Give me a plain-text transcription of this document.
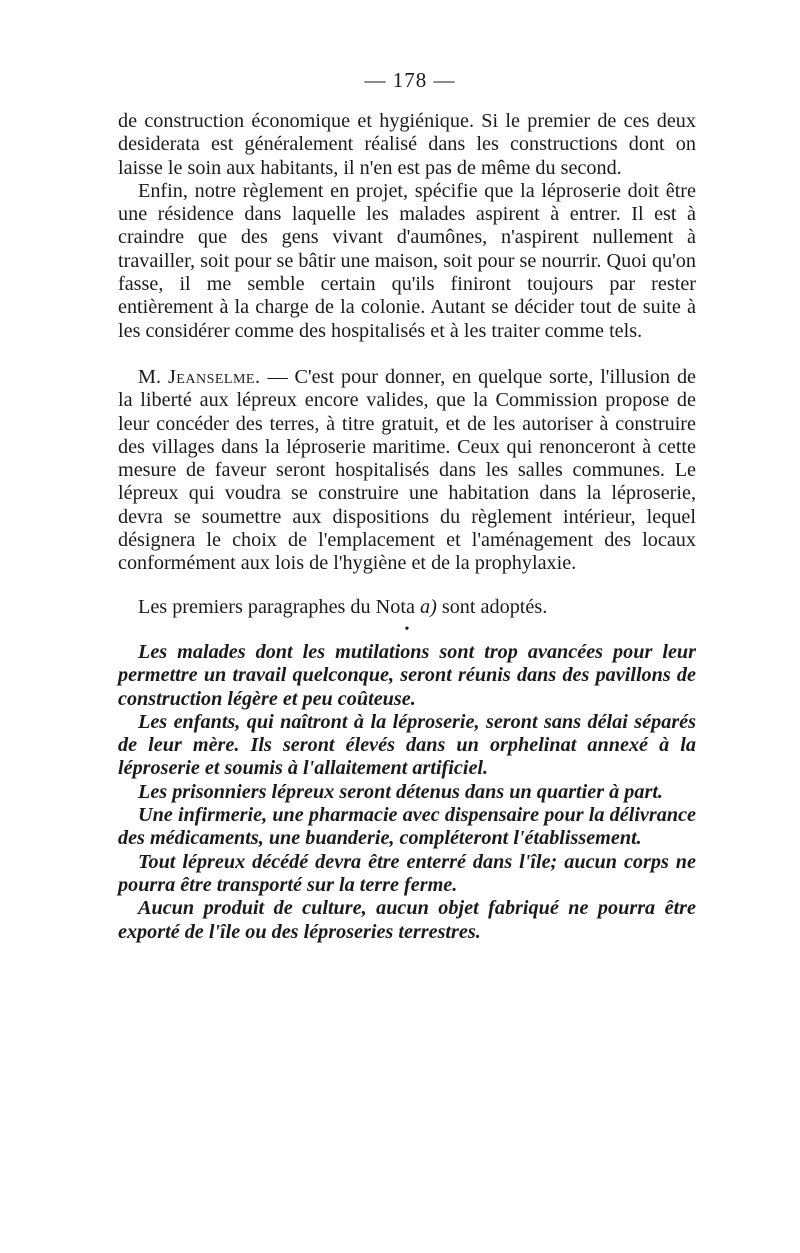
— 178 —

de construction économique et hygiénique. Si le premier de ces deux desiderata est généralement réalisé dans les constructions dont on laisse le soin aux habitants, il n'en est pas de même du second.

Enfin, notre règlement en projet, spécifie que la léproserie doit être une résidence dans laquelle les malades aspirent à entrer. Il est à craindre que des gens vivant d'aumônes, n'aspirent nullement à travailler, soit pour se bâtir une maison, soit pour se nourrir. Quoi qu'on fasse, il me semble certain qu'ils finiront toujours par rester entièrement à la charge de la colonie. Autant se décider tout de suite à les considérer comme des hospitalisés et à les traiter comme tels.

M. Jeanselme. — C'est pour donner, en quelque sorte, l'illusion de la liberté aux lépreux encore valides, que la Commission propose de leur concéder des terres, à titre gratuit, et de les autoriser à construire des villages dans la léproserie maritime. Ceux qui renonceront à cette mesure de faveur seront hospitalisés dans les salles communes. Le lépreux qui voudra se construire une habitation dans la léproserie, devra se soumettre aux dispositions du règlement intérieur, lequel désignera le choix de l'emplacement et l'aménagement des locaux conformément aux lois de l'hygiène et de la prophylaxie.

Les premiers paragraphes du Nota a) sont adoptés.

•

Les malades dont les mutilations sont trop avancées pour leur permettre un travail quelconque, seront réunis dans des pavillons de construction légère et peu coûteuse.

Les enfants, qui naîtront à la léproserie, seront sans délai séparés de leur mère. Ils seront élevés dans un orphelinat annexé à la léproserie et soumis à l'allaitement artificiel.

Les prisonniers lépreux seront détenus dans un quartier à part.

Une infirmerie, une pharmacie avec dispensaire pour la délivrance des médicaments, une buanderie, compléteront l'établissement.

Tout lépreux décédé devra être enterré dans l'île; aucun corps ne pourra être transporté sur la terre ferme.

Aucun produit de culture, aucun objet fabriqué ne pourra être exporté de l'île ou des léproseries terrestres.
